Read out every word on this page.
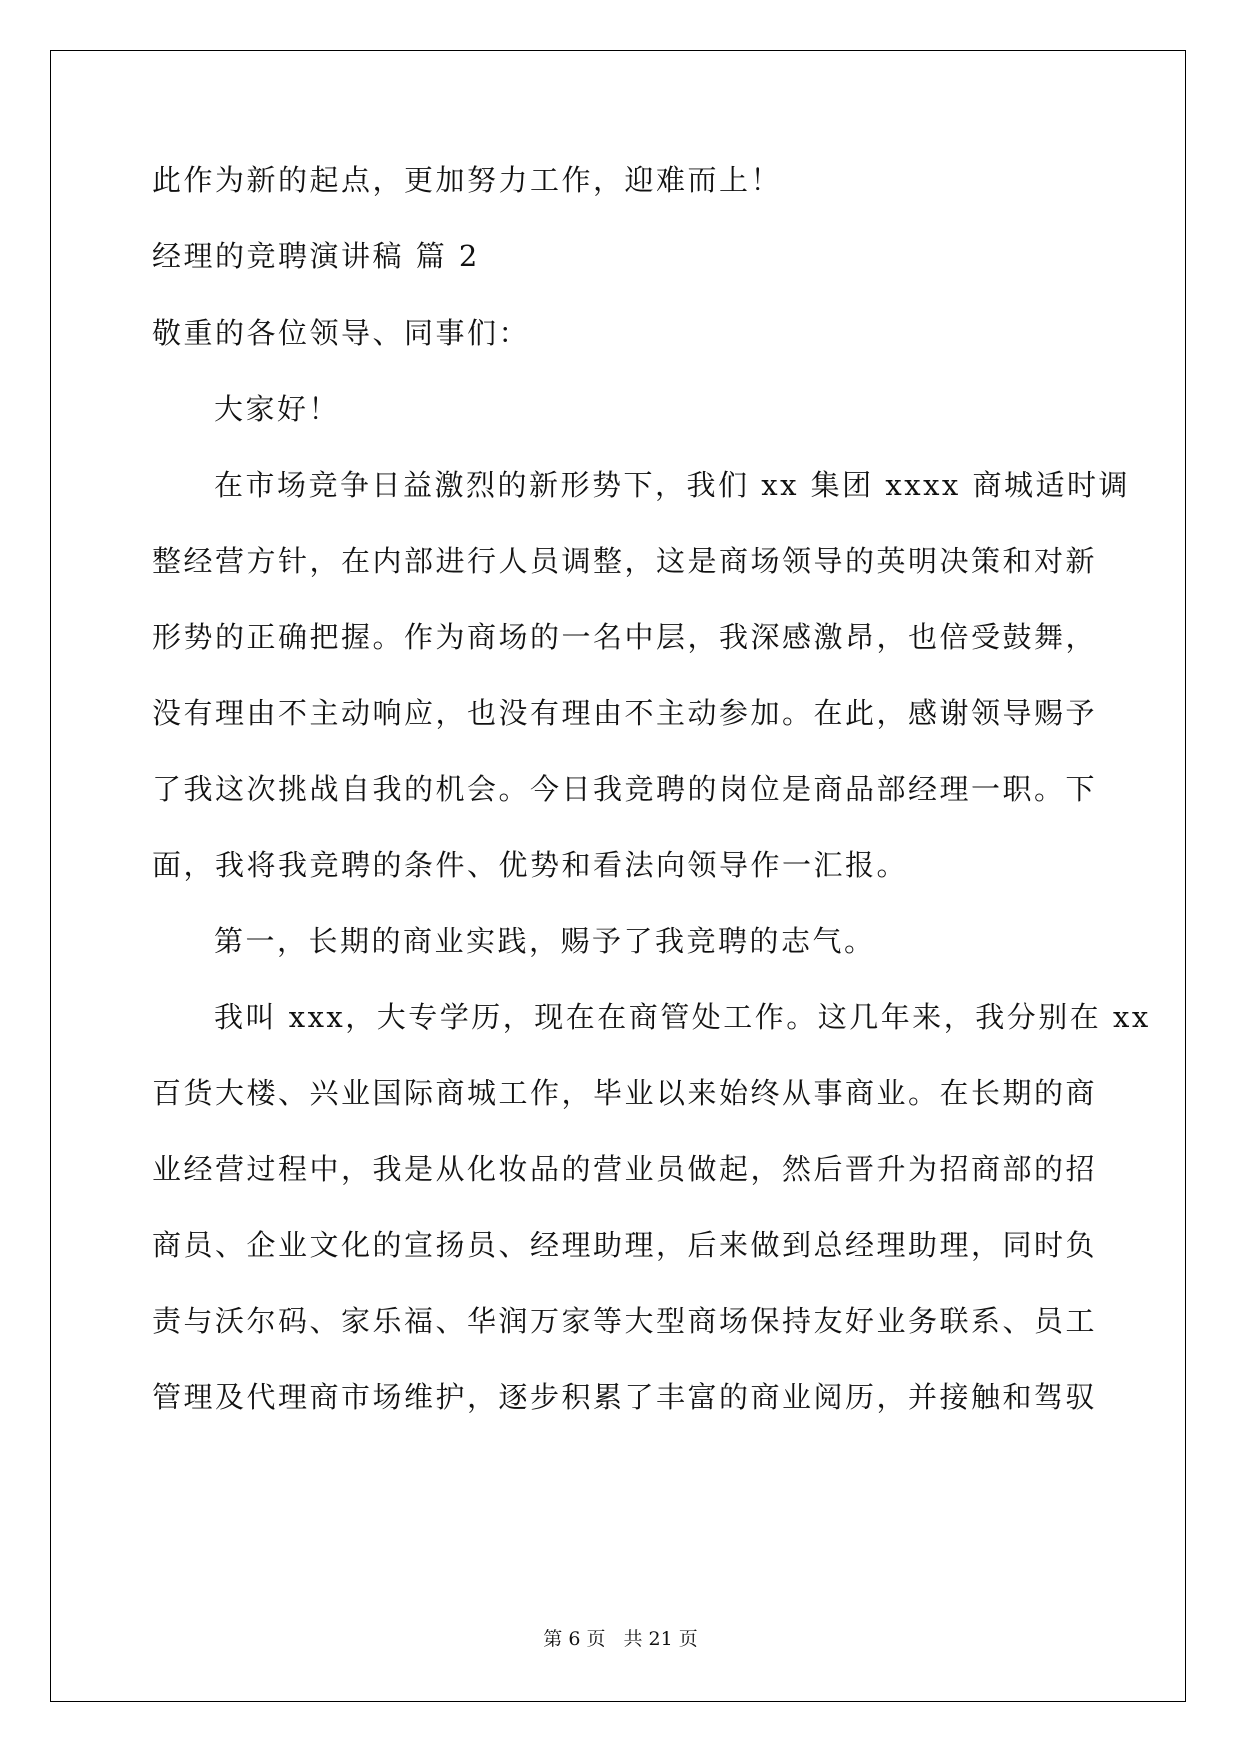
此作为新的起点，更加努力工作，迎难而上！
经理的竞聘演讲稿 篇 2
敬重的各位领导、同事们：
大家好！
在市场竞争日益激烈的新形势下，我们 xx 集团 xxxx 商城适时调
整经营方针，在内部进行人员调整，这是商场领导的英明决策和对新
形势的正确把握。作为商场的一名中层，我深感激昂，也倍受鼓舞，
没有理由不主动响应，也没有理由不主动参加。在此，感谢领导赐予
了我这次挑战自我的机会。今日我竞聘的岗位是商品部经理一职。下
面，我将我竞聘的条件、优势和看法向领导作一汇报。
第一，长期的商业实践，赐予了我竞聘的志气。
我叫 xxx，大专学历，现在在商管处工作。这几年来，我分别在 xx
百货大楼、兴业国际商城工作，毕业以来始终从事商业。在长期的商
业经营过程中，我是从化妆品的营业员做起，然后晋升为招商部的招
商员、企业文化的宣扬员、经理助理，后来做到总经理助理，同时负
责与沃尔码、家乐福、华润万家等大型商场保持友好业务联系、员工
管理及代理商市场维护，逐步积累了丰富的商业阅历，并接触和驾驭
第 6 页 共 21 页
